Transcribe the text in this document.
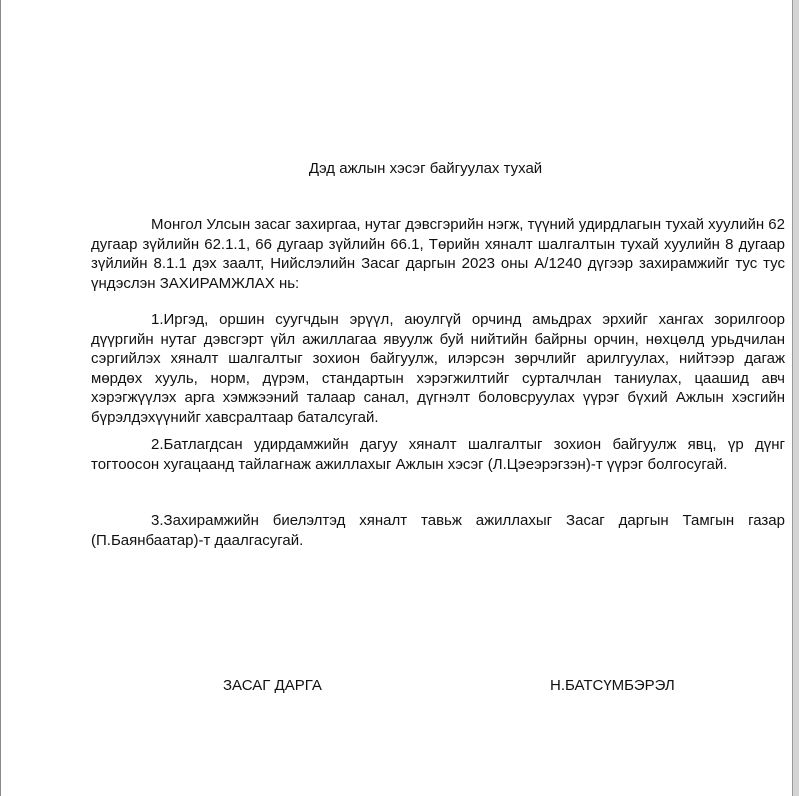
Дэд ажлын хэсэг байгуулах тухай

Монгол Улсын засаг захиргаа, нутаг дэвсгэрийн нэгж, түүний удирдлагын тухай хуулийн 62 дугаар зүйлийн 62.1.1, 66 дугаар зүйлийн 66.1, Төрийн хяналт шалгалтын тухай хуулийн 8 дугаар зүйлийн 8.1.1 дэх заалт, Нийслэлийн Засаг даргын 2023 оны А/1240 дүгээр захирамжийг тус тус үндэслэн ЗАХИРАМЖЛАХ нь:

1.Иргэд, оршин суугчдын эрүүл, аюулгүй орчинд амьдрах эрхийг хангах зорилгоор дүүргийн нутаг дэвсгэрт үйл ажиллагаа явуулж буй нийтийн байрны орчин, нөхцөлд урьдчилан сэргийлэх хяналт шалгалтыг зохион байгуулж, илэрсэн зөрчлийг арилгуулах, нийтээр дагаж мөрдөх хууль, норм, дүрэм, стандартын хэрэгжилтийг сурталчлан таниулах, цаашид авч хэрэгжүүлэх арга хэмжээний талаар санал, дүгнэлт боловсруулах үүрэг бүхий Ажлын хэсгийн бүрэлдэхүүнийг хавсралтаар баталсугай.

2.Батлагдсан удирдамжийн дагуу хяналт шалгалтыг зохион байгуулж явц, үр дүнг тогтоосон хугацаанд тайлагнаж ажиллахыг Ажлын хэсэг (Л.Цэеэрэгзэн)-т үүрэг болгосугай.

3.Захирамжийн биелэлтэд хяналт тавьж ажиллахыг Засаг даргын Тамгын газар (П.Баянбаатар)-т даалгасугай.

ЗАСАГ ДАРГА	Н.БАТСҮМБЭРЭЛ
